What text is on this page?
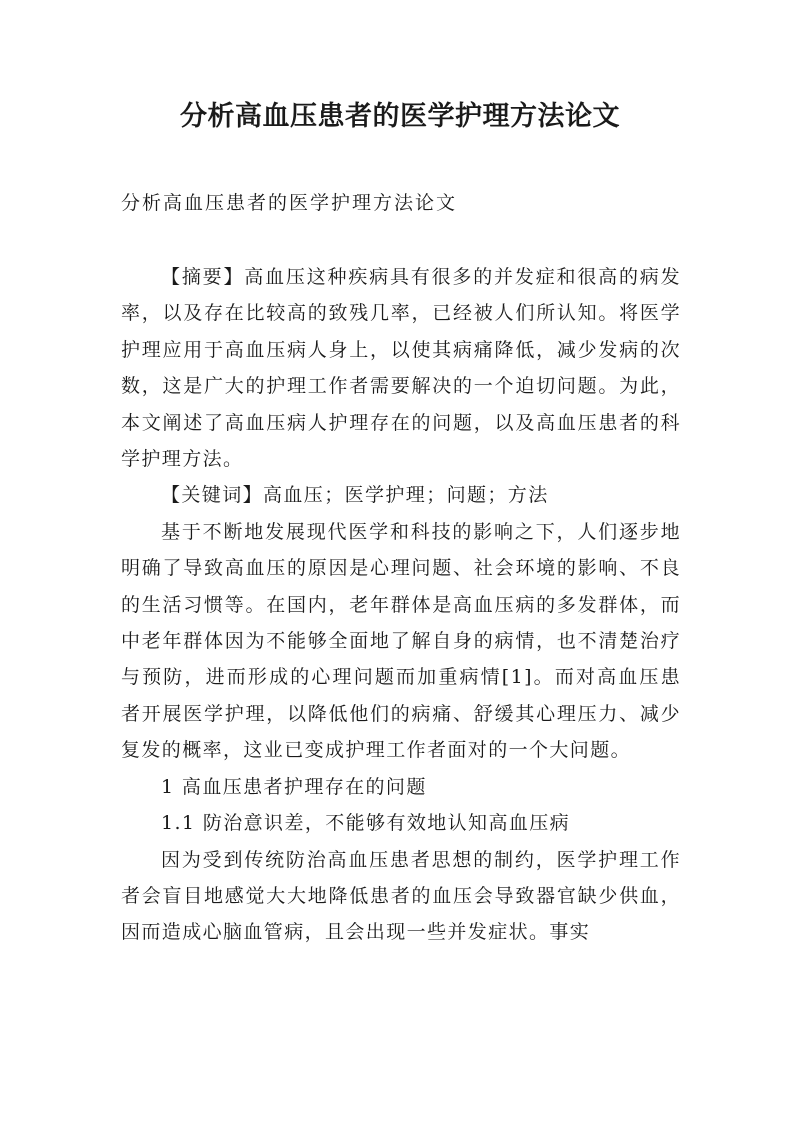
分析高血压患者的医学护理方法论文
分析高血压患者的医学护理方法论文

【摘要】高血压这种疾病具有很多的并发症和很高的病发率，以及存在比较高的致残几率，已经被人们所认知。将医学护理应用于高血压病人身上，以使其病痛降低，减少发病的次数，这是广大的护理工作者需要解决的一个迫切问题。为此，本文阐述了高血压病人护理存在的问题，以及高血压患者的科学护理方法。

【关键词】高血压；医学护理；问题；方法

基于不断地发展现代医学和科技的影响之下，人们逐步地明确了导致高血压的原因是心理问题、社会环境的影响、不良的生活习惯等。在国内，老年群体是高血压病的多发群体，而中老年群体因为不能够全面地了解自身的病情，也不清楚治疗与预防，进而形成的心理问题而加重病情[1]。而对高血压患者开展医学护理，以降低他们的病痛、舒缓其心理压力、减少复发的概率，这业已变成护理工作者面对的一个大问题。

1 高血压患者护理存在的问题

1.1 防治意识差，不能够有效地认知高血压病

因为受到传统防治高血压患者思想的制约，医学护理工作者会盲目地感觉大大地降低患者的血压会导致器官缺少供血，因而造成心脑血管病，且会出现一些并发症状。事实
